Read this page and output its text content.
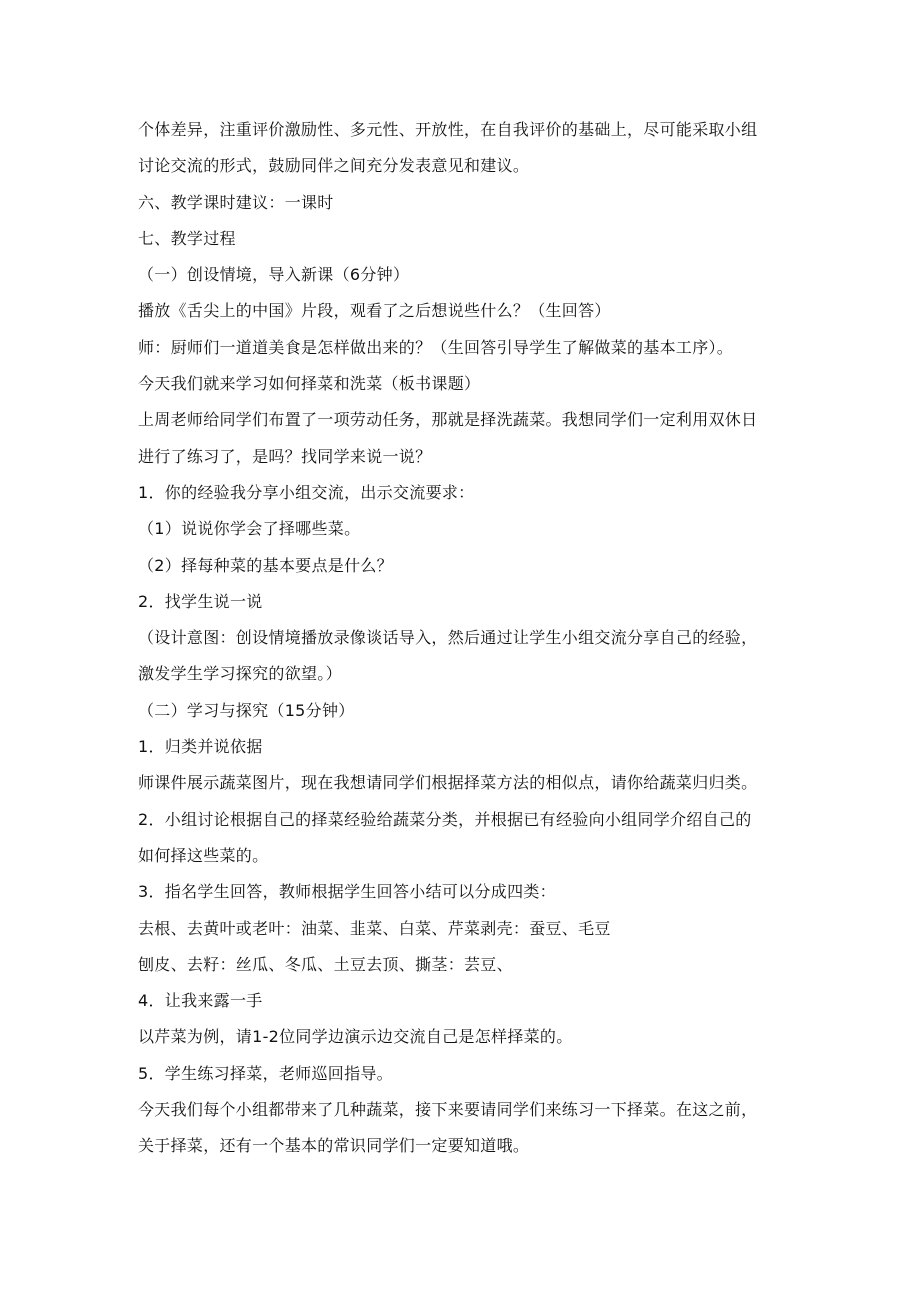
个体差异，注重评价激励性、多元性、开放性，在自我评价的基础上，尽可能采取小组
讨论交流的形式，鼓励同伴之间充分发表意见和建议。
六、教学课时建议：一课时
七、教学过程
（一）创设情境，导入新课（6分钟）
播放《舌尖上的中国》片段，观看了之后想说些什么？（生回答）
师：厨师们一道道美食是怎样做出来的？（生回答引导学生了解做菜的基本工序）。
今天我们就来学习如何择菜和洗菜（板书课题）
上周老师给同学们布置了一项劳动任务，那就是择洗蔬菜。我想同学们一定利用双休日
进行了练习了，是吗？找同学来说一说？
1．你的经验我分享小组交流，出示交流要求：
（1）说说你学会了择哪些菜。
（2）择每种菜的基本要点是什么？
2．找学生说一说
（设计意图：创设情境播放录像谈话导入，然后通过让学生小组交流分享自己的经验，
激发学生学习探究的欲望。）
（二）学习与探究（15分钟）
1．归类并说依据
师课件展示蔬菜图片，现在我想请同学们根据择菜方法的相似点，请你给蔬菜归归类。
2．小组讨论根据自己的择菜经验给蔬菜分类，并根据已有经验向小组同学介绍自己的
如何择这些菜的。
3．指名学生回答，教师根据学生回答小结可以分成四类：
去根、去黄叶或老叶：油菜、韭菜、白菜、芹菜剥壳：蚕豆、毛豆
刨皮、去籽：丝瓜、冬瓜、土豆去顶、撕茎：芸豆、
4．让我来露一手
以芹菜为例，请1-2位同学边演示边交流自己是怎样择菜的。
5．学生练习择菜，老师巡回指导。
今天我们每个小组都带来了几种蔬菜，接下来要请同学们来练习一下择菜。在这之前，
关于择菜，还有一个基本的常识同学们一定要知道哦。
